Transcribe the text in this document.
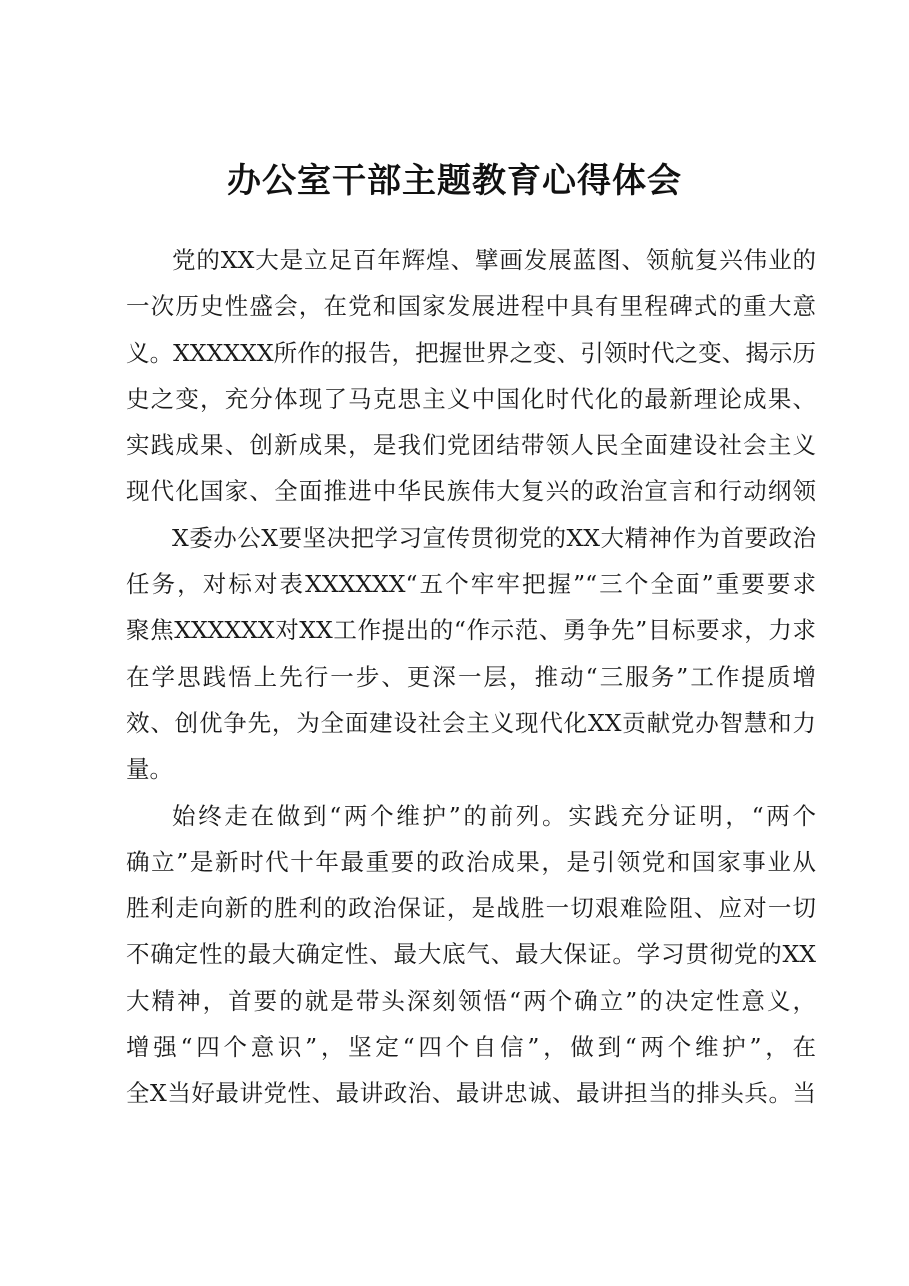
办公室干部主题教育心得体会
党的XX大是立足百年辉煌、擘画发展蓝图、领航复兴伟业的
一次历史性盛会，在党和国家发展进程中具有里程碑式的重大意
义。XXXXXX所作的报告，把握世界之变、引领时代之变、揭示历
史之变，充分体现了马克思主义中国化时代化的最新理论成果、
实践成果、创新成果，是我们党团结带领人民全面建设社会主义
现代化国家、全面推进中华民族伟大复兴的政治宣言和行动纲领
X委办公X要坚决把学习宣传贯彻党的XX大精神作为首要政治
任务，对标对表XXXXXX“五个牢牢把握”“三个全面”重要要求
聚焦XXXXXX对XX工作提出的“作示范、勇争先”目标要求，力求
在学思践悟上先行一步、更深一层，推动“三服务”工作提质增
效、创优争先，为全面建设社会主义现代化XX贡献党办智慧和力
量。
始终走在做到“两个维护”的前列。实践充分证明，“两个
确立”是新时代十年最重要的政治成果，是引领党和国家事业从
胜利走向新的胜利的政治保证，是战胜一切艰难险阻、应对一切
不确定性的最大确定性、最大底气、最大保证。学习贯彻党的XX
大精神，首要的就是带头深刻领悟“两个确立”的决定性意义，
增强“四个意识”，坚定“四个自信”，做到“两个维护”，在
全X当好最讲党性、最讲政治、最讲忠诚、最讲担当的排头兵。当
